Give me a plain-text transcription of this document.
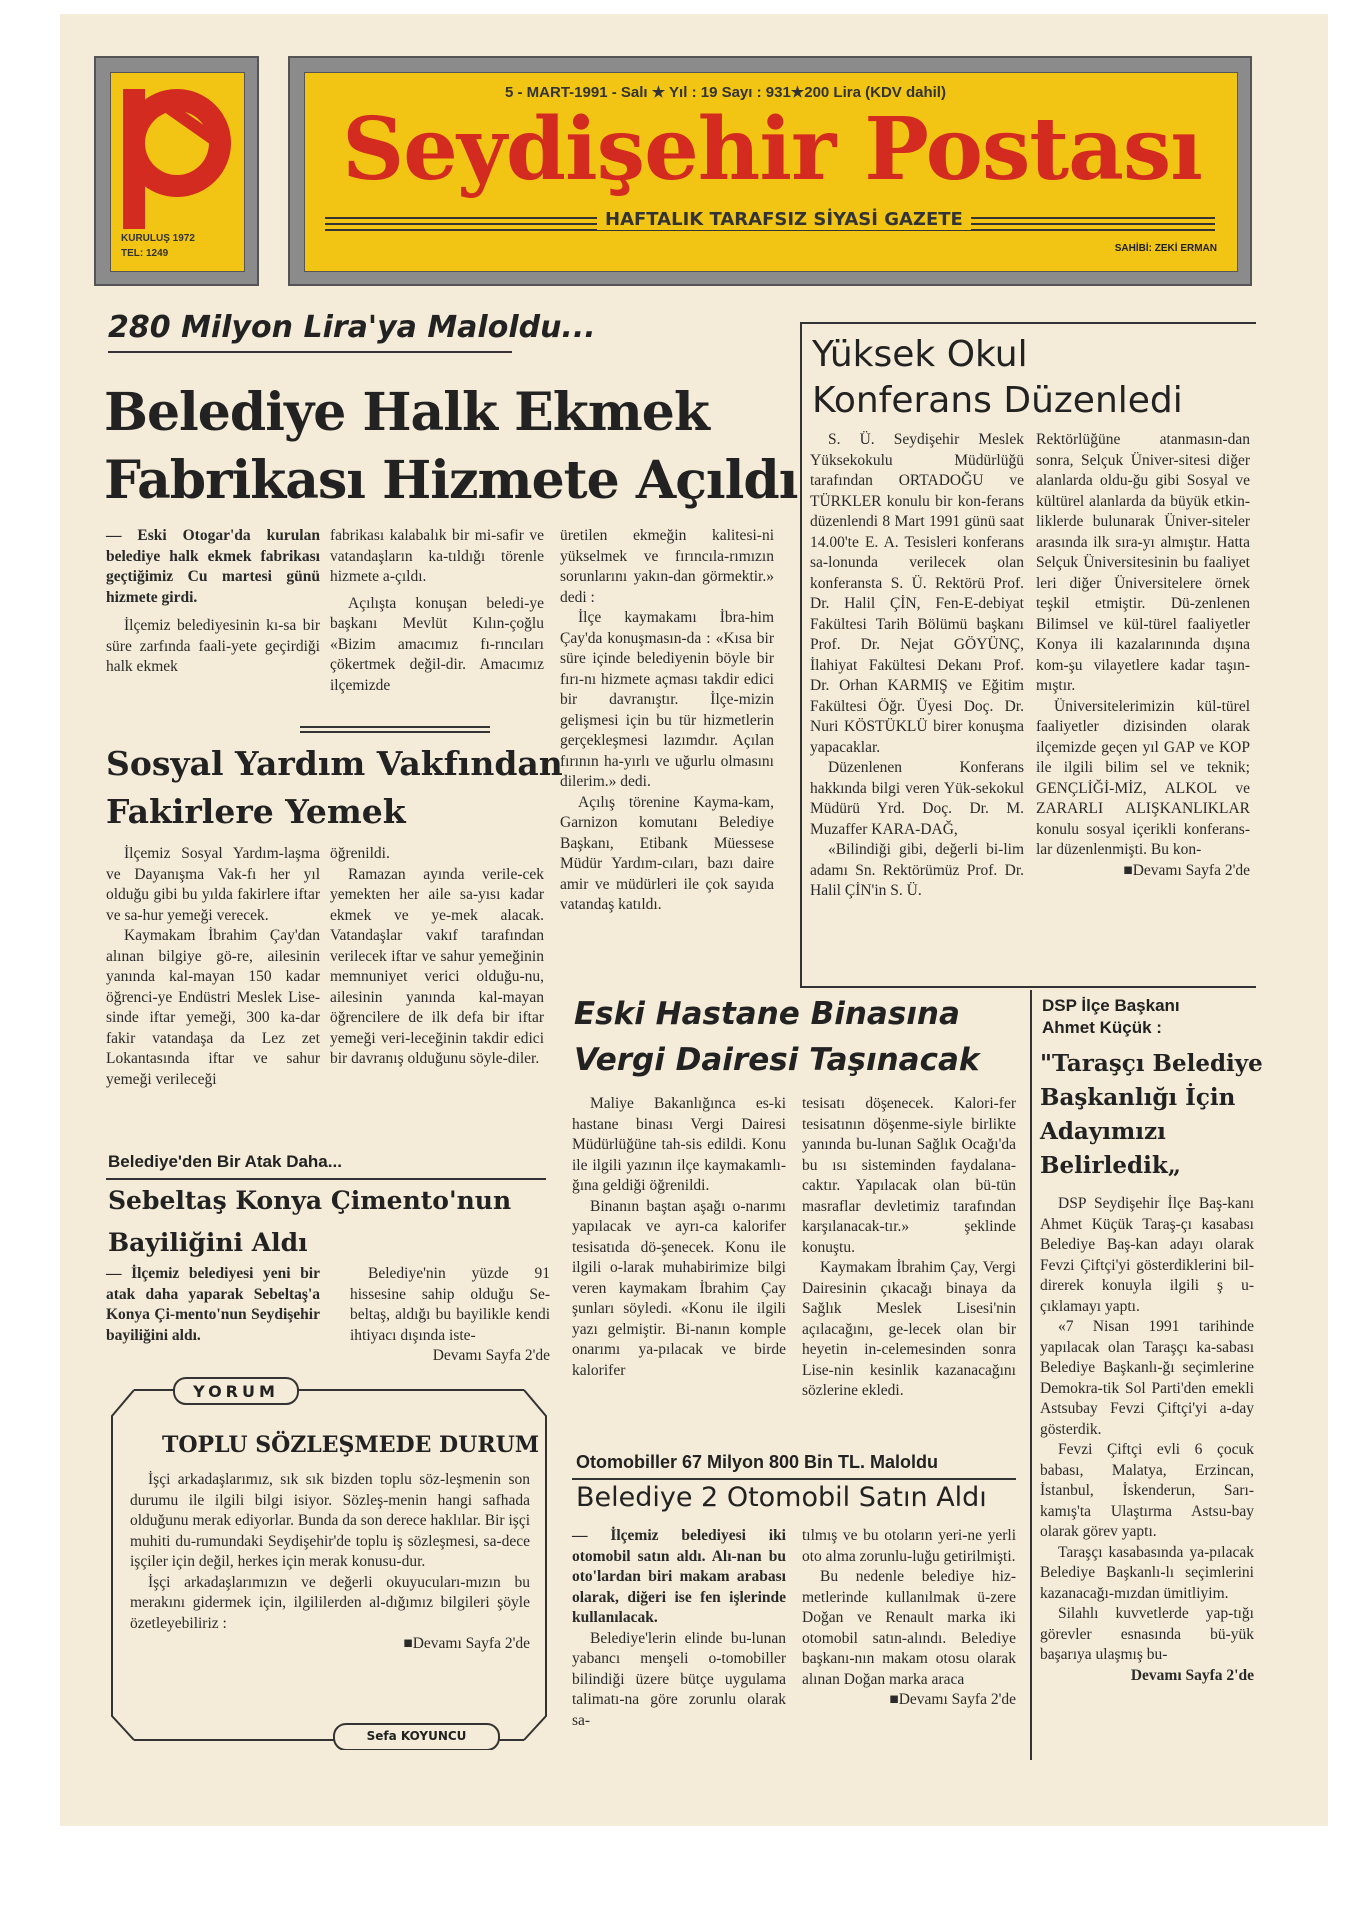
KURULUŞ 1972
TEL: 1249
5 - MART-1991 - Salı ★ Yıl : 19 Sayı : 931★200 Lira (KDV dahil)
Seydişehir Postası
HAFTALIK TARAFSIZ SİYASİ GAZETE
SAHİBİ: ZEKİ ERMAN
280 Milyon Lira'ya Maloldu...
Belediye Halk Ekmek
Fabrikası Hizmete Açıldı

— Eski Otogar'da kurulan belediye halk ekmek fabrikası geçtiğimiz Cu martesi günü hizmete girdi.

İlçemiz belediyesinin kı-sa bir süre zarfında faali-yete geçirdiği halk ekmek

fabrikası kalabalık bir mi-safir ve vatandaşların ka-tıldığı törenle hizmete a-çıldı.

Açılışta konuşan beledi-ye başkanı Mevlüt Kılın-çoğlu «Bizim amacımız fı-rıncıları çökertmek değil-dir. Amacımız ilçemizde

üretilen ekmeğin kalitesi-ni yükselmek ve fırıncıla-rımızın sorunlarını yakın-dan görmektir.» dedi :

İlçe kaymakamı İbra-him Çay'da konuşmasın-da : «Kısa bir süre içinde belediyenin böyle bir fırı-nı hizmete açması takdir edici bir davranıştır. İlçe-mizin gelişmesi için bu tür hizmetlerin gerçekleşmesi lazımdır. Açılan fırının ha-yırlı ve uğurlu olmasını dilerim.» dedi.

Açılış törenine Kayma-kam, Garnizon komutanı Belediye Başkanı, Etibank Müessese Müdür Yardım-cıları, bazı daire amir ve müdürleri ile çok sayıda vatandaş katıldı.

Sosyal Yardım Vakfından
Fakirlere Yemek

İlçemiz Sosyal Yardım-laşma ve Dayanışma Vak-fı her yıl olduğu gibi bu yılda fakirlere iftar ve sa-hur yemeği verecek.

Kaymakam İbrahim Çay'dan alınan bilgiye gö-re, ailesinin yanında kal-mayan 150 kadar öğrenci-ye Endüstri Meslek Lise-sinde iftar yemeği, 300 ka-dar fakir vatandaşa da Lez zet Lokantasında iftar ve sahur yemeği verileceği

öğrenildi.

Ramazan ayında verile-cek yemekten her aile sa-yısı kadar ekmek ve ye-mek alacak. Vatandaşlar vakıf tarafından verilecek iftar ve sahur yemeğinin memnuniyet verici olduğu-nu, ailesinin yanında kal-mayan öğrencilere de ilk defa bir iftar yemeği veri-leceğinin takdir edici bir davranış olduğunu söyle-diler.

Belediye'den Bir Atak Daha...
Sebeltaş Konya Çimento'nun
Bayiliğini Aldı

— İlçemiz belediyesi yeni bir atak daha yaparak Sebeltaş'a Konya Çi-mento'nun Seydişehir bayiliğini aldı.

Belediye'nin yüzde 91 hissesine sahip olduğu Se-beltaş, aldığı bu bayilikle kendi ihtiyacı dışında iste-

Devamı Sayfa 2'de

YORUM
TOPLU SÖZLEŞMEDE DURUM

İşçi arkadaşlarımız, sık sık bizden toplu söz-leşmenin son durumu ile ilgili bilgi isiyor. Sözleş-menin hangi safhada olduğunu merak ediyorlar. Bunda da son derece haklılar. Bir işçi muhiti du-rumundaki Seydişehir'de toplu iş sözleşmesi, sa-dece işçiler için değil, herkes için merak konusu-dur.

İşçi arkadaşlarımızın ve değerli okuyucuları-mızın bu merakını gidermek için, ilgililerden al-dığımız bilgileri şöyle özetleyebiliriz :

■ Devamı Sayfa 2'de

Sefa KOYUNCU
Yüksek Okul
Konferans Düzenledi

S. Ü. Seydişehir Meslek Yüksekokulu Müdürlüğü tarafından ORTADOĞU ve TÜRKLER konulu bir kon-ferans düzenlendi 8 Mart 1991 günü saat 14.00'te E. A. Tesisleri konferans sa-lonunda verilecek olan konferansta S. Ü. Rektörü Prof. Dr. Halil ÇİN, Fen-E-debiyat Fakültesi Tarih Bölümü başkanı Prof. Dr. Nejat GÖYÜNÇ, İlahiyat Fakültesi Dekanı Prof. Dr. Orhan KARMIŞ ve Eğitim Fakültesi Öğr. Üyesi Doç. Dr. Nuri KÖSTÜKLÜ birer konuşma yapacaklar.

Düzenlenen Konferans hakkında bilgi veren Yük-sekokul Müdürü Yrd. Doç. Dr. M. Muzaffer KARA-DAĞ,

«Bilindiği gibi, değerli bi-lim adamı Sn. Rektörümüz Prof. Dr. Halil ÇİN'in S. Ü.

Rektörlüğüne atanmasın-dan sonra, Selçuk Üniver-sitesi diğer alanlarda oldu-ğu gibi Sosyal ve kültürel alanlarda da büyük etkin-liklerde bulunarak Üniver-siteler arasında ilk sıra-yı almıştır. Hatta Selçuk Üniversitesinin bu faaliyet leri diğer Üniversitelere örnek teşkil etmiştir. Dü-zenlenen Bilimsel ve kül-türel faaliyetler Konya ili kazalarınında dışına kom-şu vilayetlere kadar taşın-mıştır.

Üniversitelerimizin kül-türel faaliyetler dizisinden olarak ilçemizde geçen yıl GAP ve KOP ile ilgili bilim sel ve teknik; GENÇLİĞİ-MİZ, ALKOL ve ZARARLI ALIŞKANLIKLAR konulu sosyal içerikli konferans-lar düzenlenmişti. Bu kon-

■ Devamı Sayfa 2'de

Eski Hastane Binasına
Vergi Dairesi Taşınacak

Maliye Bakanlığınca es-ki hastane binası Vergi Dairesi Müdürlüğüne tah-sis edildi. Konu ile ilgili yazının ilçe kaymakamlı-ğına geldiği öğrenildi.

Binanın baştan aşağı o-narımı yapılacak ve ayrı-ca kalorifer tesisatıda dö-şenecek. Konu ile ilgili o-larak muhabirimize bilgi veren kaymakam İbrahim Çay şunları söyledi. «Konu ile ilgili yazı gelmiştir. Bi-nanın komple onarımı ya-pılacak ve birde kalorifer

tesisatı döşenecek. Kalori-fer tesisatının döşenme-siyle birlikte yanında bu-lunan Sağlık Ocağı'da bu ısı sisteminden faydalana-caktır. Yapılacak olan bü-tün masraflar devletimiz tarafından karşılanacak-tır.» şeklinde konuştu.

Kaymakam İbrahim Çay, Vergi Dairesinin çıkacağı binaya da Sağlık Meslek Lisesi'nin açılacağını, ge-lecek olan bir heyetin in-celemesinden sonra Lise-nin kesinlik kazanacağını sözlerine ekledi.

Otomobiller 67 Milyon 800 Bin TL. Maloldu
Belediye 2 Otomobil Satın Aldı

— İlçemiz belediyesi iki otomobil satın aldı. Alı-nan bu oto'lardan biri makam arabası olarak, diğeri ise fen işlerinde kullanılacak.

Belediye'lerin elinde bu-lunan yabancı menşeli o-tomobiller bilindiği üzere bütçe uygulama talimatı-na göre zorunlu olarak sa-

tılmış ve bu otoların yeri-ne yerli oto alma zorunlu-luğu getirilmişti.

Bu nedenle belediye hiz-metlerinde kullanılmak ü-zere Doğan ve Renault marka iki otomobil satın-alındı. Belediye başkanı-nın makam otosu olarak alınan Doğan marka araca

■ Devamı Sayfa 2'de

DSP İlçe Başkanı
Ahmet Küçük :
"Taraşçı Belediye
Başkanlığı İçin
Adayımızı
Belirledik„

DSP Seydişehir İlçe Baş-kanı Ahmet Küçük Taraş-çı kasabası Belediye Baş-kan adayı olarak Fevzi Çiftçi'yi gösterdiklerini bil-direrek konuyla ilgili ş u-çıklamayı yaptı.

«7 Nisan 1991 tarihinde yapılacak olan Taraşçı ka-sabası Belediye Başkanlı-ğı seçimlerine Demokra-tik Sol Parti'den emekli Astsubay Fevzi Çiftçi'yi a-day gösterdik.

Fevzi Çiftçi evli 6 çocuk babası, Malatya, Erzincan, İstanbul, İskenderun, Sarı-kamış'ta Ulaştırma Astsu-bay olarak görev yaptı.

Taraşçı kasabasında ya-pılacak Belediye Başkanlı-lı seçimlerini kazanacağı-mızdan ümitliyim.

Silahlı kuvvetlerde yap-tığı görevler esnasında bü-yük başarıya ulaşmış bu-

Devamı Sayfa 2'de
